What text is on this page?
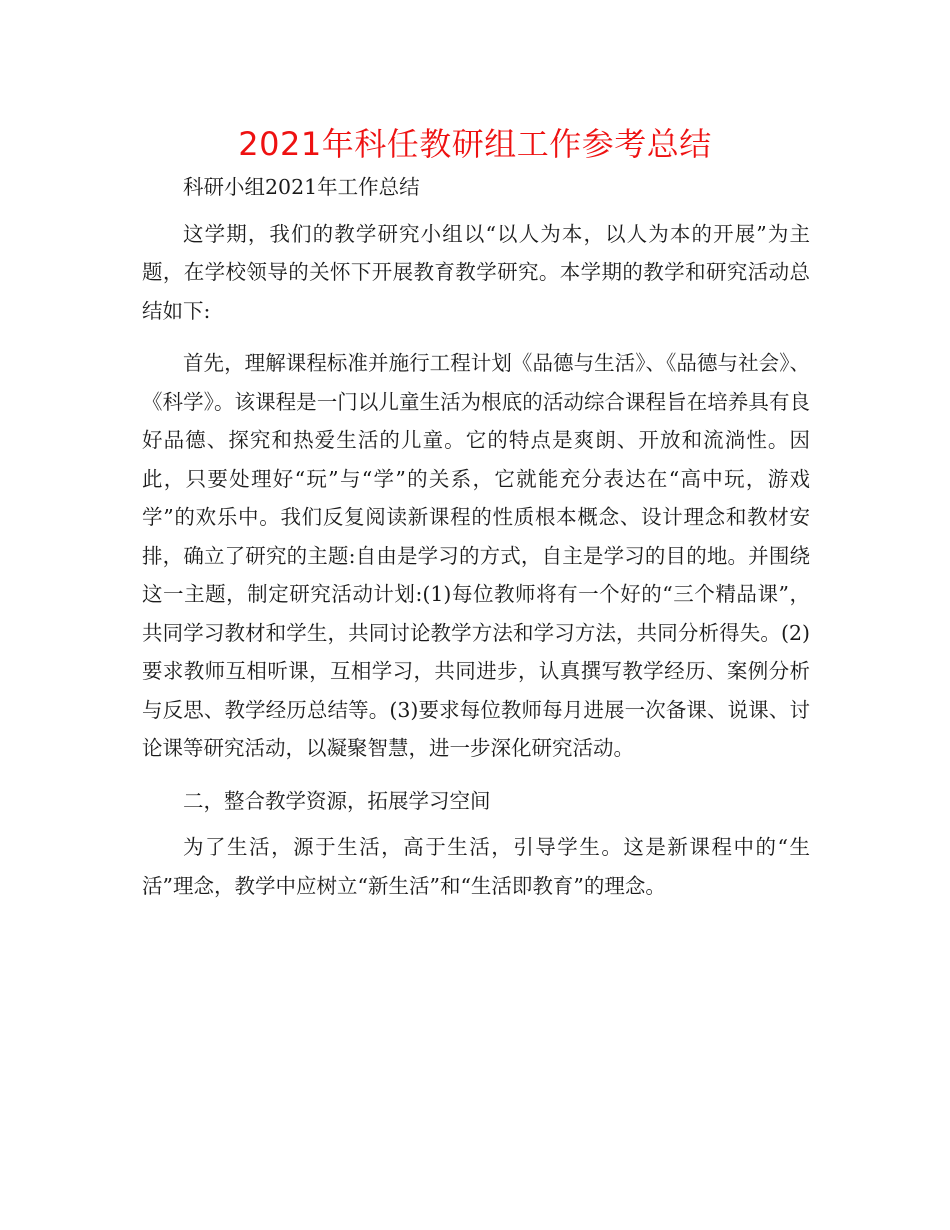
2021年科任教研组工作参考总结

科研小组2021年工作总结

这学期，我们的教学研究小组以“以人为本，以人为本的开展”为主题，在学校领导的关怀下开展教育教学研究。本学期的教学和研究活动总结如下:

首先，理解课程标准并施行工程计划《品德与生活》、《品德与社会》、《科学》。该课程是一门以儿童生活为根底的活动综合课程旨在培养具有良好品德、探究和热爱生活的儿童。它的特点是爽朗、开放和流淌性。因此，只要处理好“玩”与“学”的关系，它就能充分表达在“高中玩，游戏学”的欢乐中。我们反复阅读新课程的性质根本概念、设计理念和教材安排，确立了研究的主题:自由是学习的方式，自主是学习的目的地。并围绕这一主题，制定研究活动计划:(1)每位教师将有一个好的“三个精品课”，共同学习教材和学生，共同讨论教学方法和学习方法，共同分析得失。(2)要求教师互相听课，互相学习，共同进步，认真撰写教学经历、案例分析与反思、教学经历总结等。(3)要求每位教师每月进展一次备课、说课、讨论课等研究活动，以凝聚智慧，进一步深化研究活动。

二，整合教学资源，拓展学习空间

为了生活，源于生活，高于生活，引导学生。这是新课程中的“生活”理念，教学中应树立“新生活”和“生活即教育”的理念。
